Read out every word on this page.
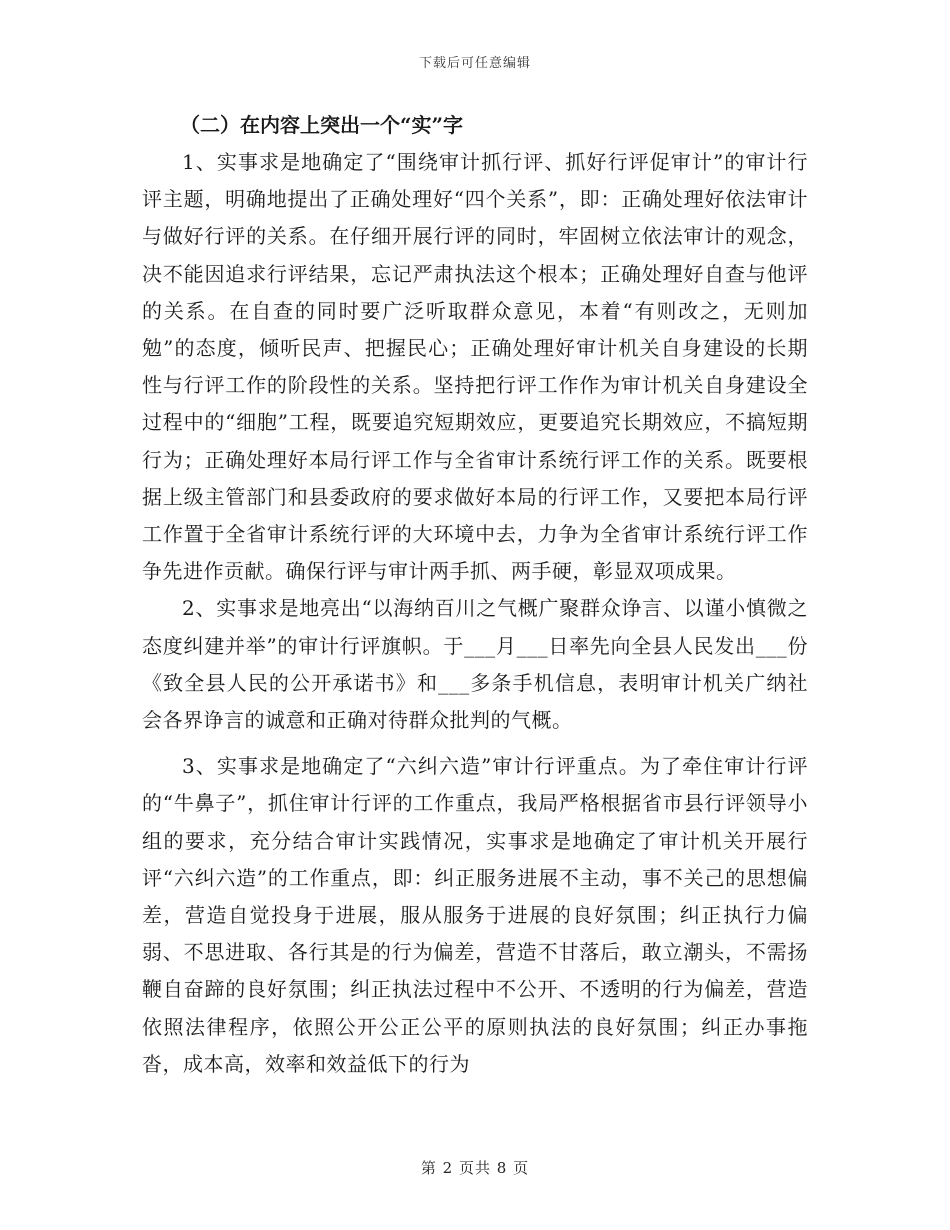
下载后可任意编辑
（二）在内容上突出一个“实”字

1、实事求是地确定了“围绕审计抓行评、抓好行评促审计”的审计行评主题，明确地提出了正确处理好“四个关系”，即：正确处理好依法审计与做好行评的关系。在仔细开展行评的同时，牢固树立依法审计的观念，决不能因追求行评结果，忘记严肃执法这个根本；正确处理好自查与他评的关系。在自查的同时要广泛听取群众意见，本着“有则改之，无则加勉”的态度，倾听民声、把握民心；正确处理好审计机关自身建设的长期性与行评工作的阶段性的关系。坚持把行评工作作为审计机关自身建设全过程中的“细胞”工程，既要追究短期效应，更要追究长期效应，不搞短期行为；正确处理好本局行评工作与全省审计系统行评工作的关系。既要根据上级主管部门和县委政府的要求做好本局的行评工作，又要把本局行评工作置于全省审计系统行评的大环境中去，力争为全省审计系统行评工作争先进作贡献。确保行评与审计两手抓、两手硬，彰显双项成果。

2、实事求是地亮出“以海纳百川之气概广聚群众诤言、以谨小慎微之态度纠建并举”的审计行评旗帜。于___月___日率先向全县人民发出___份《致全县人民的公开承诺书》和___多条手机信息，表明审计机关广纳社会各界诤言的诚意和正确对待群众批判的气概。

3、实事求是地确定了“六纠六造”审计行评重点。为了牵住审计行评的“牛鼻子”，抓住审计行评的工作重点，我局严格根据省市县行评领导小组的要求，充分结合审计实践情况，实事求是地确定了审计机关开展行评“六纠六造”的工作重点，即：纠正服务进展不主动，事不关己的思想偏差，营造自觉投身于进展，服从服务于进展的良好氛围；纠正执行力偏弱、不思进取、各行其是的行为偏差，营造不甘落后，敢立潮头，不需扬鞭自奋蹄的良好氛围；纠正执法过程中不公开、不透明的行为偏差，营造依照法律程序，依照公开公正公平的原则执法的良好氛围；纠正办事拖沓，成本高，效率和效益低下的行为

第 2 页共 8 页
